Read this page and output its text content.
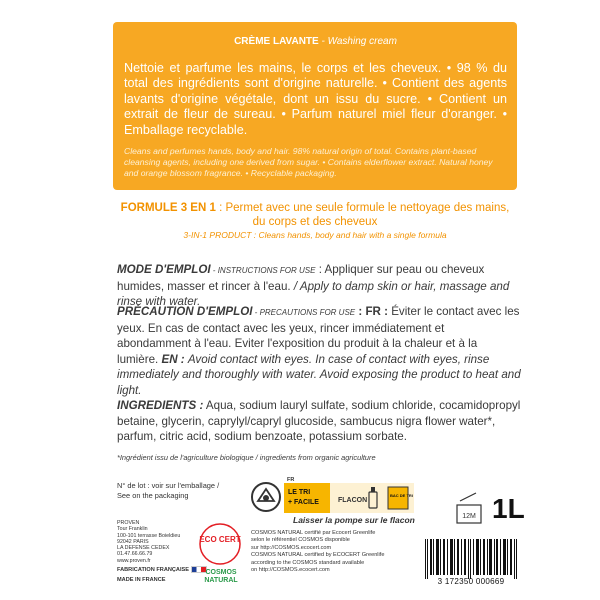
CRÈME LAVANTE - Washing cream
Nettoie et parfume les mains, le corps et les cheveux. • 98 % du total des ingrédients sont d'origine naturelle. • Contient des agents lavants d'origine végétale, dont un issu du sucre. • Contient un extrait de fleur de sureau. • Parfum naturel miel fleur d'oranger. • Emballage recyclable.
Cleans and perfumes hands, body and hair. 98% natural origin of total. Contains plant-based cleansing agents, including one derived from sugar. • Contains elderflower extract. Natural honey and orange blossom fragrance. • Recyclable packaging.
FORMULE 3 EN 1 : Permet avec une seule formule le nettoyage des mains, du corps et des cheveux
3-IN-1 PRODUCT : Cleans hands, body and hair with a single formula
MODE D'EMPLOI - INSTRUCTIONS FOR USE : Appliquer sur peau ou cheveux humides, masser et rincer à l'eau. / Apply to damp skin or hair, massage and rinse with water.
PRÉCAUTION D'EMPLOI - PRECAUTIONS FOR USE : FR : Éviter le contact avec les yeux. En cas de contact avec les yeux, rincer immédiatement et abondamment à l'eau. Eviter l'exposition du produit à la chaleur et à la lumière. EN : Avoid contact with eyes. In case of contact with eyes, rinse immediately and thoroughly with water. Avoid exposing the product to heat and light.
INGREDIENTS : Aqua, sodium lauryl sulfate, sodium chloride, cocamidopropyl betaine, glycerin, caprylyl/capryl glucoside, sambucus nigra flower water*, parfum, citric acid, sodium benzoate, potassium sorbate.
*Ingrédient issu de l'agriculture biologique / ingredients from organic agriculture
N° de lot : voir sur l'emballage /
See on the packaging
FR
LE TRI
+ FACILE	FLACON
BAC DE TRI
Laisser la pompe sur le flacon
PROVEN
Tour Franklin
100-101 terrasse Boieldieu
92042 PARIS
LA DEFENSE CEDEX
01.47.66.66.79
www.proven.fr
FABRICATION FRANÇAISE
MADE IN FRANCE
ECO CERT
COSMOS
NATURAL
COSMOS NATURAL certifié par Ecocert Greenlife
selon le référentiel COSMOS disponible
sur http://COSMOS.ecocert.com
COSMOS NATURAL certified by ECOCERT Greenlife
according to the COSMOS standard available
on http://COSMOS.ecocert.com
12M 1L
3 172350 000669
